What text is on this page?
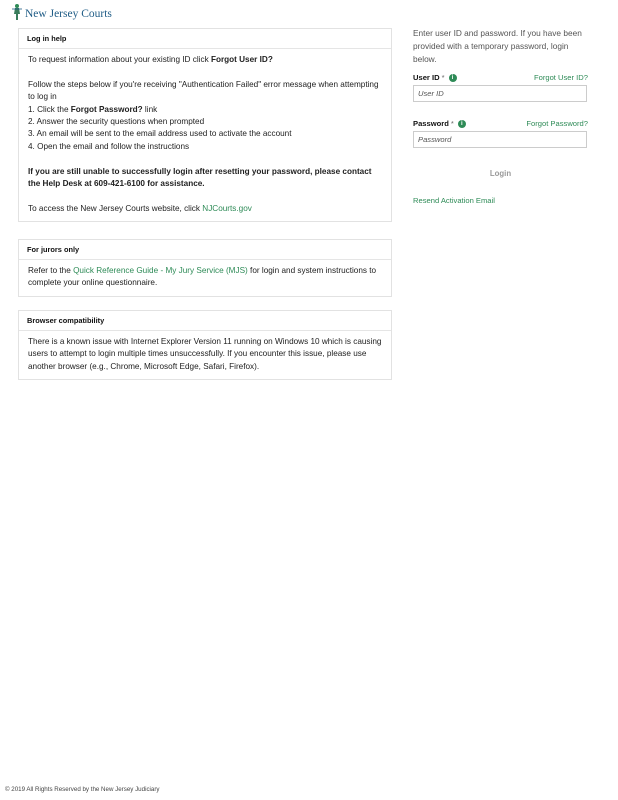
New Jersey Courts
Log in help

To request information about your existing ID click Forgot User ID?

Follow the steps below if you're receiving "Authentication Failed" error message when attempting to log in

1. Click the Forgot Password? link

2. Answer the security questions when prompted

3. An email will be sent to the email address used to activate the account

4. Open the email and follow the instructions

If you are still unable to successfully login after resetting your password, please contact the Help Desk at 609-421-6100 for assistance.

To access the New Jersey Courts website, click NJCourts.gov

For jurors only

Refer to the Quick Reference Guide - My Jury Service (MJS) for login and system instructions to complete your online questionnaire.

Browser compatibility

There is a known issue with Internet Explorer Version 11 running on Windows 10 which is causing users to attempt to login multiple times unsuccessfully. If you encounter this issue, please use another browser (e.g., Chrome, Microsoft Edge, Safari, Firefox).

Enter user ID and password. If you have been provided with a temporary password, login below.
User ID *	i	Forgot User ID?
User ID
Password *	i	Forgot Password?
Login
Resend Activation Email
© 2019 All Rights Reserved by the New Jersey Judiciary
